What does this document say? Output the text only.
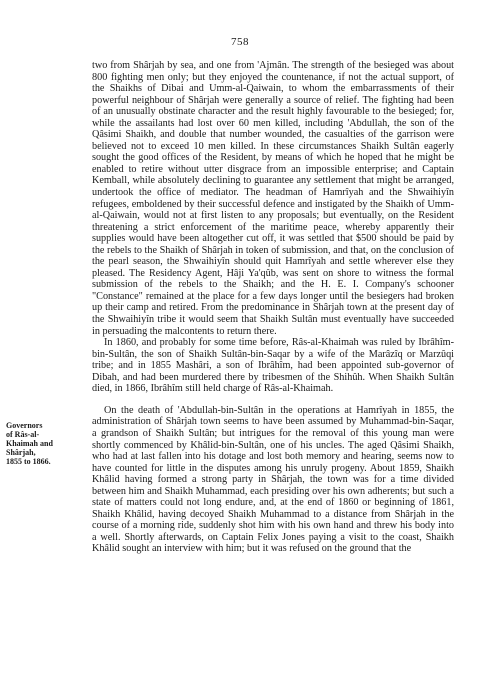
758
Governors
of Râs-al-
Khaimah and
Shârjah,
1855 to 1866.

two from Shârjah by sea, and one from 'Ajmân. The strength of the besieged was about 800 fighting men only; but they enjoyed the countenance, if not the actual support, of the Shaikhs of Dibai and Umm-al-Qaiwain, to whom the embarrassments of their powerful neighbour of Shârjah were generally a source of relief. The fighting had been of an unusually obstinate character and the result highly favourable to the besieged; for, while the assailants had lost over 60 men killed, including 'Abdullah, the son of the Qâsimi Shaikh, and double that number wounded, the casualties of the garrison were believed not to exceed 10 men killed. In these circumstances Shaikh Sultân eagerly sought the good offices of the Resident, by means of which he hoped that he might be enabled to retire without utter disgrace from an impossible enterprise; and Captain Kemball, while absolutely declining to guarantee any settlement that might be arranged, undertook the office of mediator. The headman of Hamrîyah and the Shwaihiyîn refugees, emboldened by their successful defence and instigated by the Shaikh of Umm-al-Qaiwain, would not at first listen to any proposals; but eventually, on the Resident threatening a strict enforcement of the maritime peace, whereby apparently their supplies would have been altogether cut off, it was settled that $500 should be paid by the rebels to the Shaikh of Shârjah in token of submission, and that, on the conclusion of the pearl season, the Shwaihiyîn should quit Hamrîyah and settle wherever else they pleased. The Residency Agent, Hâji Ya'qûb, was sent on shore to witness the formal submission of the rebels to the Shaikh; and the H. E. I. Company's schooner "Constance" remained at the place for a few days longer until the besiegers had broken up their camp and retired. From the predominance in Shârjah town at the present day of the Shwaihiyîn tribe it would seem that Shaikh Sultân must eventually have succeeded in persuading the malcontents to return there.

In 1860, and probably for some time before, Râs-al-Khaimah was ruled by Ibrâhîm-bin-Sultân, the son of Shaikh Sultân-bin-Saqar by a wife of the Marâzîq or Marzûqi tribe; and in 1855 Mashâri, a son of Ibrâhîm, had been appointed sub-governor of Dibah, and had been murdered there by tribesmen of the Shihûh. When Shaikh Sultân died, in 1866, Ibrâhîm still held charge of Râs-al-Khaimah.

On the death of 'Abdullah-bin-Sultân in the operations at Hamrîyah in 1855, the administration of Shârjah town seems to have been assumed by Muhammad-bin-Saqar, a grandson of Shaikh Sultân; but intrigues for the removal of this young man were shortly commenced by Khâlid-bin-Sultân, one of his uncles. The aged Qâsimi Shaikh, who had at last fallen into his dotage and lost both memory and hearing, seems now to have counted for little in the disputes among his unruly progeny. About 1859, Shaikh Khâlid having formed a strong party in Shârjah, the town was for a time divided between him and Shaikh Muhammad, each presiding over his own adherents; but such a state of matters could not long endure, and, at the end of 1860 or beginning of 1861, Shaikh Khâlid, having decoyed Shaikh Muhammad to a distance from Shârjah in the course of a morning ride, suddenly shot him with his own hand and threw his body into a well. Shortly afterwards, on Captain Felix Jones paying a visit to the coast, Shaikh Khâlid sought an interview with him; but it was refused on the ground that the
